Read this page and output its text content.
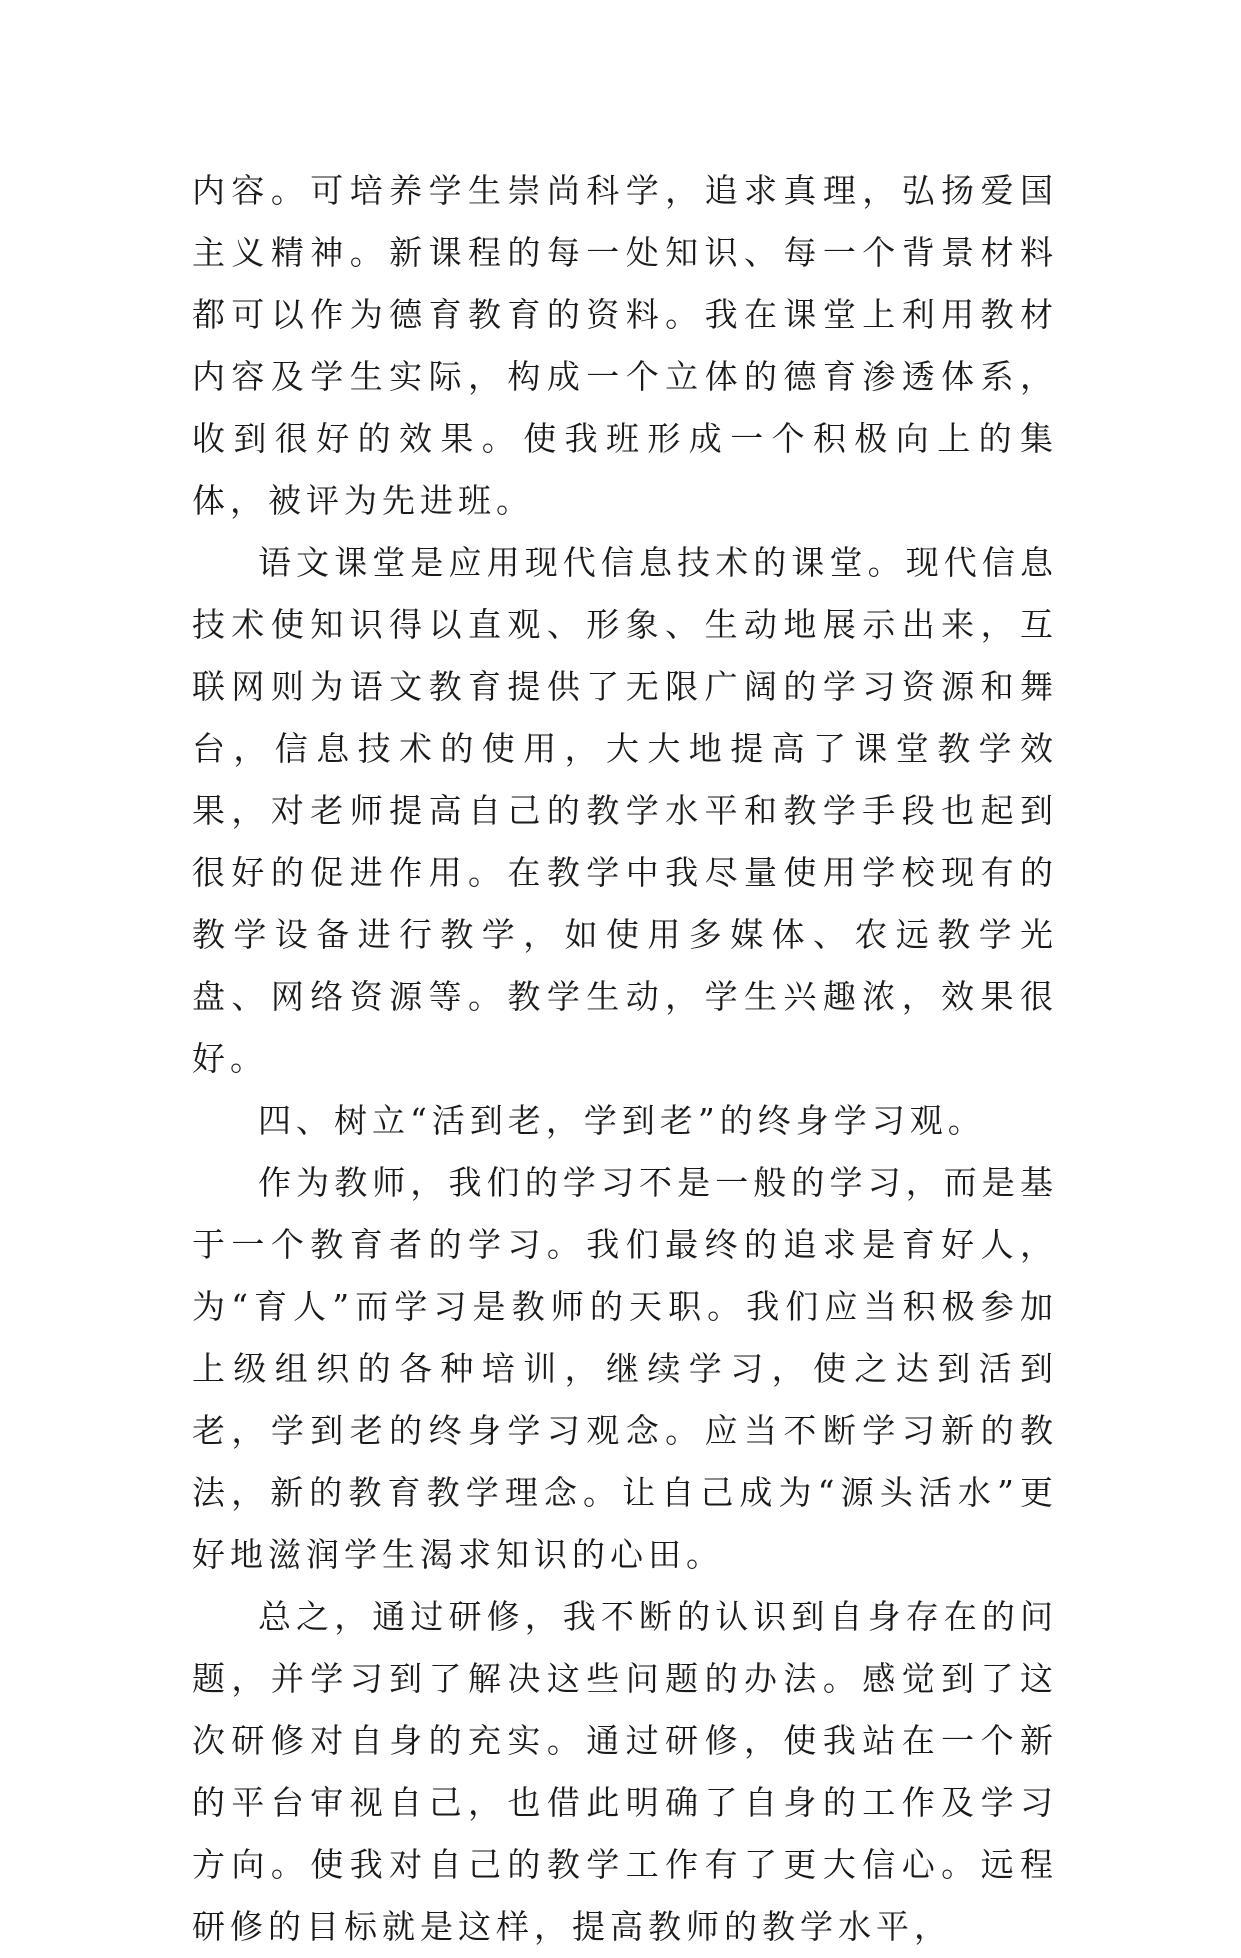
内容。可培养学生崇尚科学，追求真理，弘扬爱国主义精神。新课程的每一处知识、每一个背景材料都可以作为德育教育的资料。我在课堂上利用教材内容及学生实际，构成一个立体的德育渗透体系，收到很好的效果。使我班形成一个积极向上的集体，被评为先进班。

语文课堂是应用现代信息技术的课堂。现代信息技术使知识得以直观、形象、生动地展示出来，互联网则为语文教育提供了无限广阔的学习资源和舞台，信息技术的使用，大大地提高了课堂教学效果，对老师提高自己的教学水平和教学手段也起到很好的促进作用。在教学中我尽量使用学校现有的教学设备进行教学，如使用多媒体、农远教学光盘、网络资源等。教学生动，学生兴趣浓，效果很好。

四、树立“活到老，学到老”的终身学习观。

作为教师，我们的学习不是一般的学习，而是基于一个教育者的学习。我们最终的追求是育好人，为“育人”而学习是教师的天职。我们应当积极参加上级组织的各种培训，继续学习，使之达到活到老，学到老的终身学习观念。应当不断学习新的教法，新的教育教学理念。让自己成为“源头活水”更好地滋润学生渴求知识的心田。

总之，通过研修，我不断的认识到自身存在的问题，并学习到了解决这些问题的办法。感觉到了这次研修对自身的充实。通过研修，使我站在一个新的平台审视自己，也借此明确了自身的工作及学习方向。使我对自己的教学工作有了更大信心。远程研修的目标就是这样，提高教师的教学水平，
